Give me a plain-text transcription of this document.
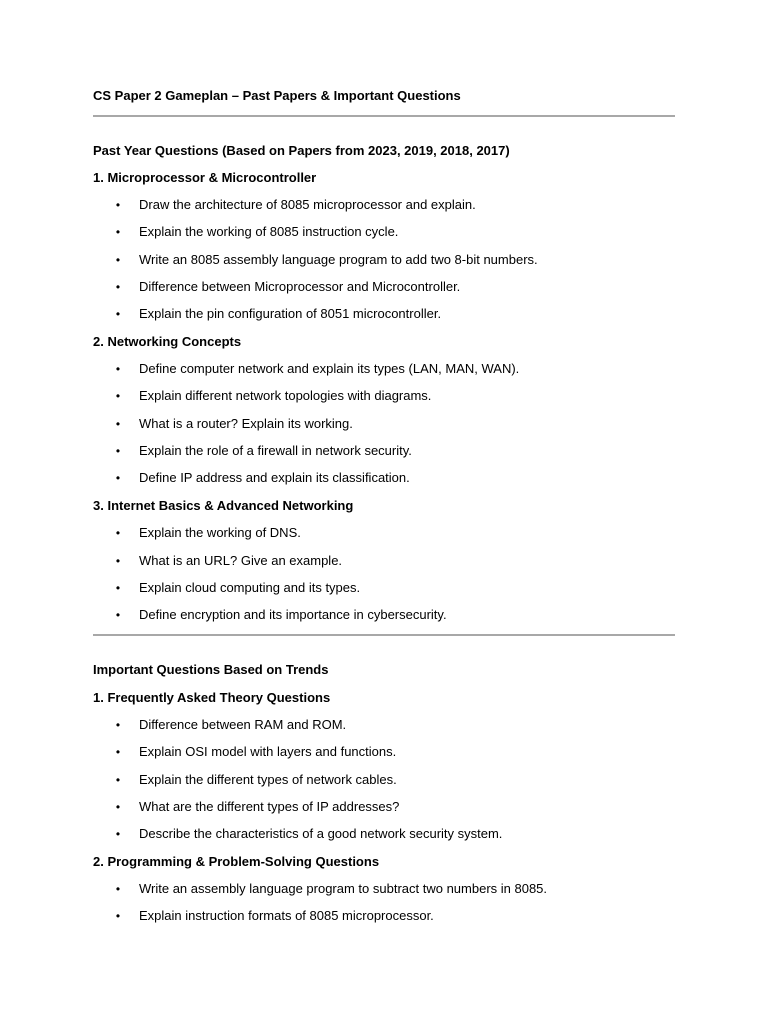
CS Paper 2 Gameplan – Past Papers & Important Questions
Past Year Questions (Based on Papers from 2023, 2019, 2018, 2017)
1. Microprocessor & Microcontroller
• Draw the architecture of 8085 microprocessor and explain.
• Explain the working of 8085 instruction cycle.
• Write an 8085 assembly language program to add two 8-bit numbers.
• Difference between Microprocessor and Microcontroller.
• Explain the pin configuration of 8051 microcontroller.
2. Networking Concepts
• Define computer network and explain its types (LAN, MAN, WAN).
• Explain different network topologies with diagrams.
• What is a router? Explain its working.
• Explain the role of a firewall in network security.
• Define IP address and explain its classification.
3. Internet Basics & Advanced Networking
• Explain the working of DNS.
• What is an URL? Give an example.
• Explain cloud computing and its types.
• Define encryption and its importance in cybersecurity.
Important Questions Based on Trends
1. Frequently Asked Theory Questions
• Difference between RAM and ROM.
• Explain OSI model with layers and functions.
• Explain the different types of network cables.
• What are the different types of IP addresses?
• Describe the characteristics of a good network security system.
2. Programming & Problem-Solving Questions
• Write an assembly language program to subtract two numbers in 8085.
• Explain instruction formats of 8085 microprocessor.
